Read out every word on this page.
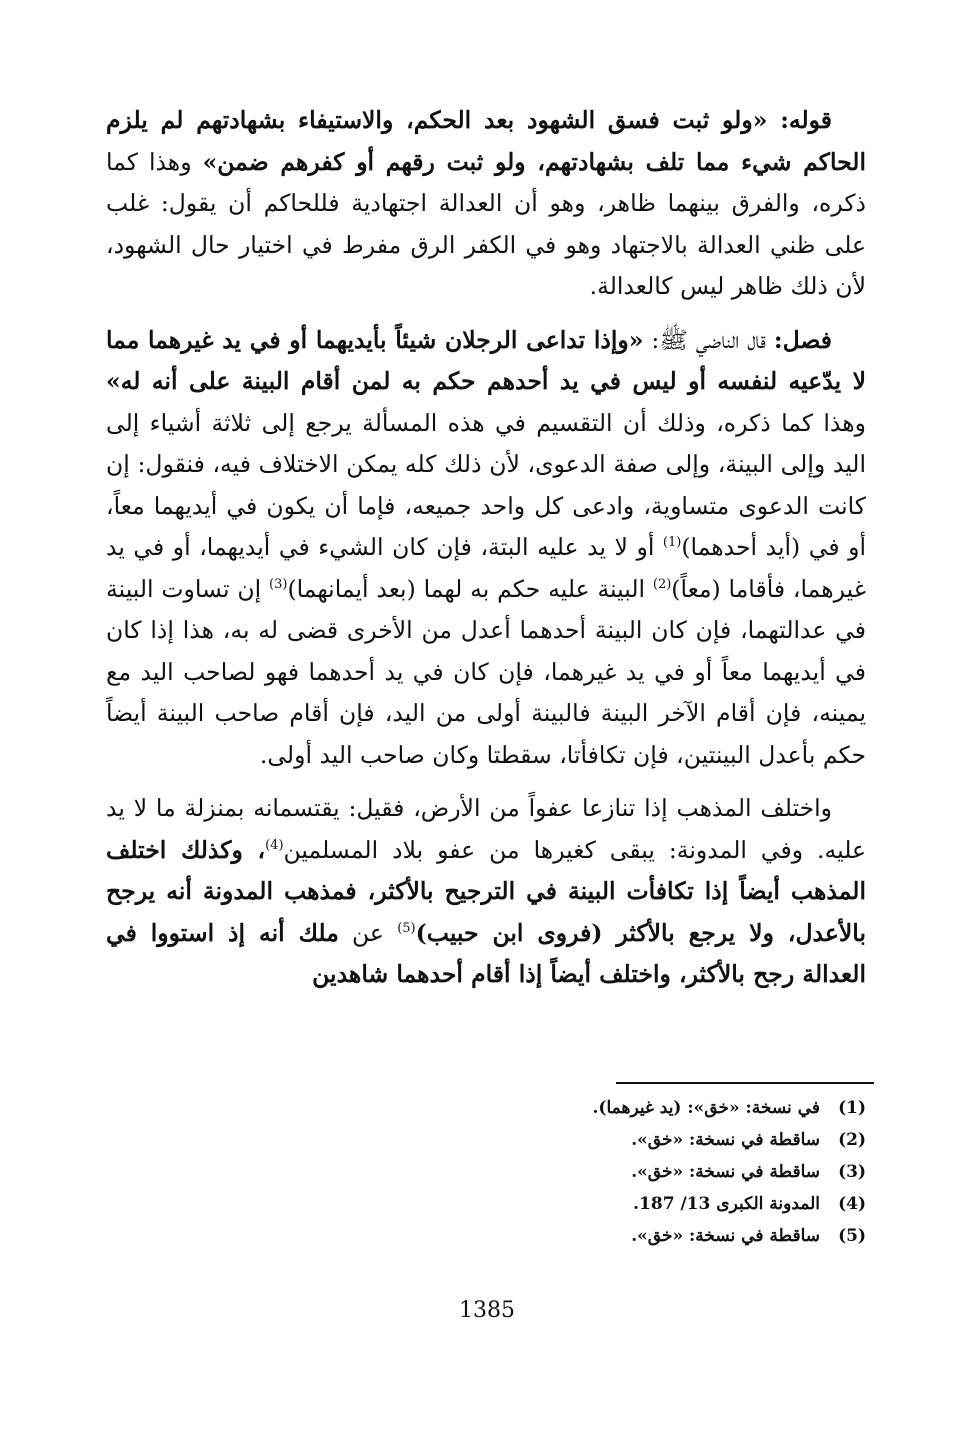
قوله: «ولو ثبت فسق الشهود بعد الحكم، والاستيفاء بشهادتهم لم يلزم الحاكم شيء مما تلف بشهادتهم، ولو ثبت رقهم أو كفرهم ضمن» وهذا كما ذكره، والفرق بينهما ظاهر، وهو أن العدالة اجتهادية فللحاكم أن يقول: غلب على ظني العدالة بالاجتهاد وهو في الكفر الرق مفرط في اختيار حال الشهود، لأن ذلك ظاهر ليس كالعدالة.

فصل: قال الناضي ﷺ: «وإذا تداعى الرجلان شيئاً بأيديهما أو في يد غيرهما مما لا يدّعيه لنفسه أو ليس في يد أحدهم حكم به لمن أقام البينة على أنه له» وهذا كما ذكره، وذلك أن التقسيم في هذه المسألة يرجع إلى ثلاثة أشياء إلى اليد وإلى البينة، وإلى صفة الدعوى، لأن ذلك كله يمكن الاختلاف فيه، فنقول: إن كانت الدعوى متساوية، وادعى كل واحد جميعه، فإما أن يكون في أيديهما معاً، أو في (أيد أحدهما)$^{(1)}$ أو لا يد عليه البتة، فإن كان الشيء في أيديهما، أو في يد غيرهما، فأقاما (معاً)$^{(2)}$ البينة عليه حكم به لهما (بعد أيمانهما)$^{(3)}$ إن تساوت البينة في عدالتهما، فإن كان البينة أحدهما أعدل من الأخرى قضى له به، هذا إذا كان في أيديهما معاً أو في يد غيرهما، فإن كان في يد أحدهما فهو لصاحب اليد مع يمينه، فإن أقام الآخر البينة فالبينة أولى من اليد، فإن أقام صاحب البينة أيضاً حكم بأعدل البينتين، فإن تكافأتا، سقطتا وكان صاحب اليد أولى.

واختلف المذهب إذا تنازعا عفواً من الأرض، فقيل: يقتسمانه بمنزلة ما لا يد عليه. وفي المدونة: يبقى كغيرها من عفو بلاد المسلمين$^{(4)}$، وكذلك اختلف المذهب أيضاً إذا تكافأت البينة في الترجيح بالأكثر، فمذهب المدونة أنه يرجح بالأعدل، ولا يرجع بالأكثر (فروى ابن حبيب)$^{(5)}$ عن ملك أنه إذ استووا في العدالة رجح بالأكثر، واختلف أيضاً إذا أقام أحدهما شاهدين

(1)
في نسخة: «خق»: (يد غيرهما).
(2)
ساقطة في نسخة: «خق».
(3)
ساقطة في نسخة: «خق».
(4)
المدونة الكبرى 13/ 187.
(5)
ساقطة في نسخة: «خق».
1385
